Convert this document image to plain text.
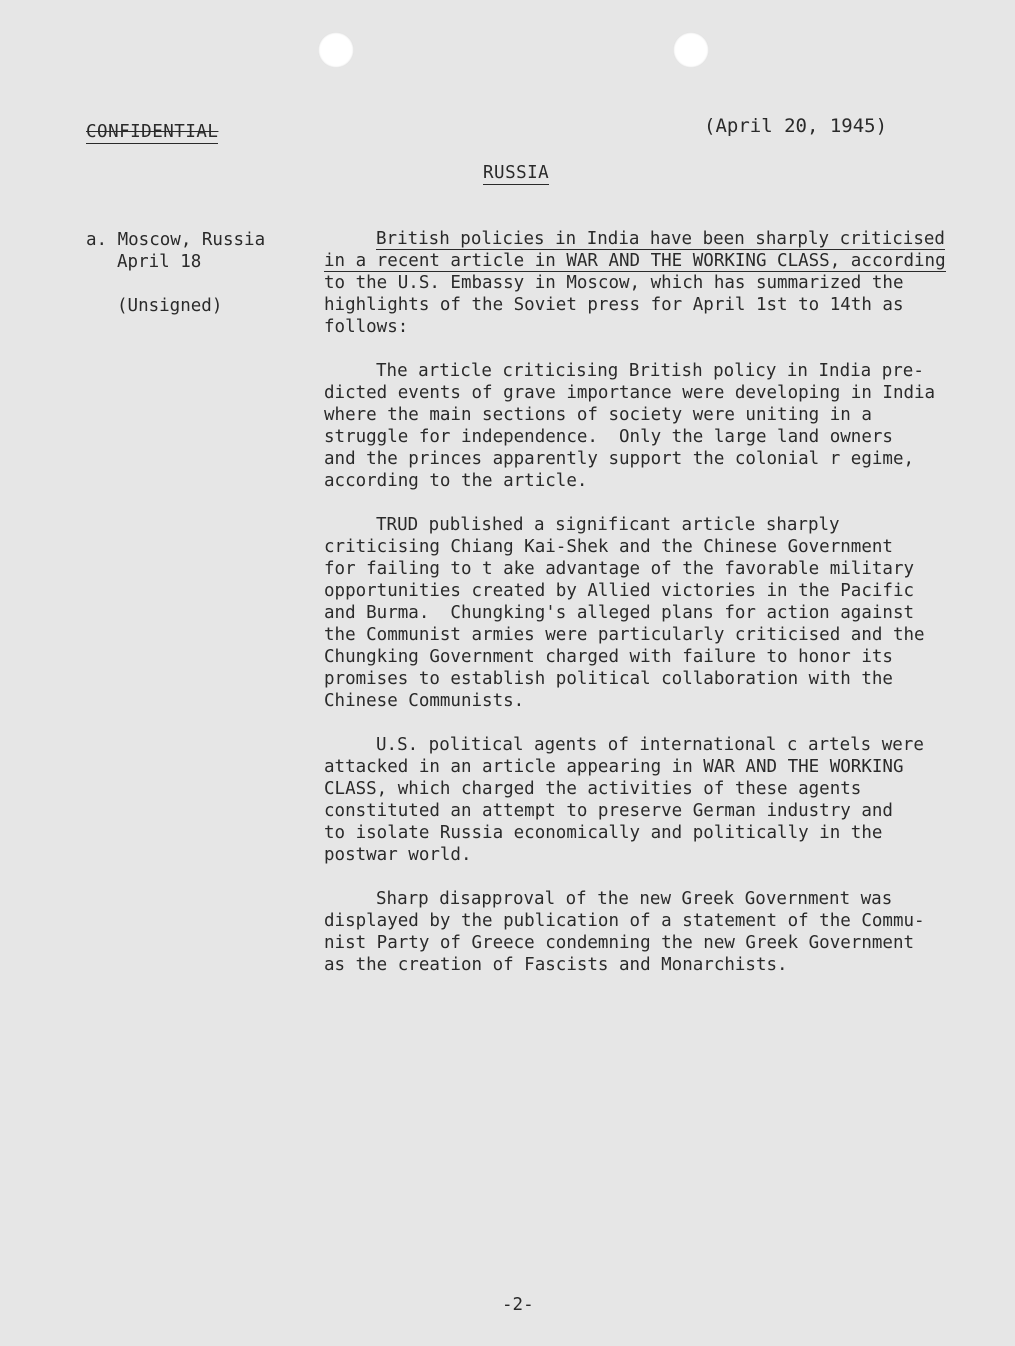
CONFIDENTIAL	(April 20, 1945)
RUSSIA
a. Moscow, Russia
April 18
(Unsigned)
British policies in India have been sharply criticised
in a recent article in WAR AND THE WORKING CLASS, according
to the U.S. Embassy in Moscow, which has summarized the
highlights of the Soviet press for April 1st to 14th as
follows:
The article criticising British policy in India pre-
dicted events of grave importance were developing in India
where the main sections of society were uniting in a
struggle for independence.  Only the large land owners
and the princes apparently support the colonial r egime,
according to the article.
TRUD published a significant article sharply
criticising Chiang Kai-Shek and the Chinese Government
for failing to t ake advantage of the favorable military
opportunities created by Allied victories in the Pacific
and Burma.  Chungking's alleged plans for action against
the Communist armies were particularly criticised and the
Chungking Government charged with failure to honor its
promises to establish political collaboration with the
Chinese Communists.
U.S. political agents of international c artels were
attacked in an article appearing in WAR AND THE WORKING
CLASS, which charged the activities of these agents
constituted an attempt to preserve German industry and
to isolate Russia economically and politically in the
postwar world.
Sharp disapproval of the new Greek Government was
displayed by the publication of a statement of the Commu-
nist Party of Greece condemning the new Greek Government
as the creation of Fascists and Monarchists.
-2-
